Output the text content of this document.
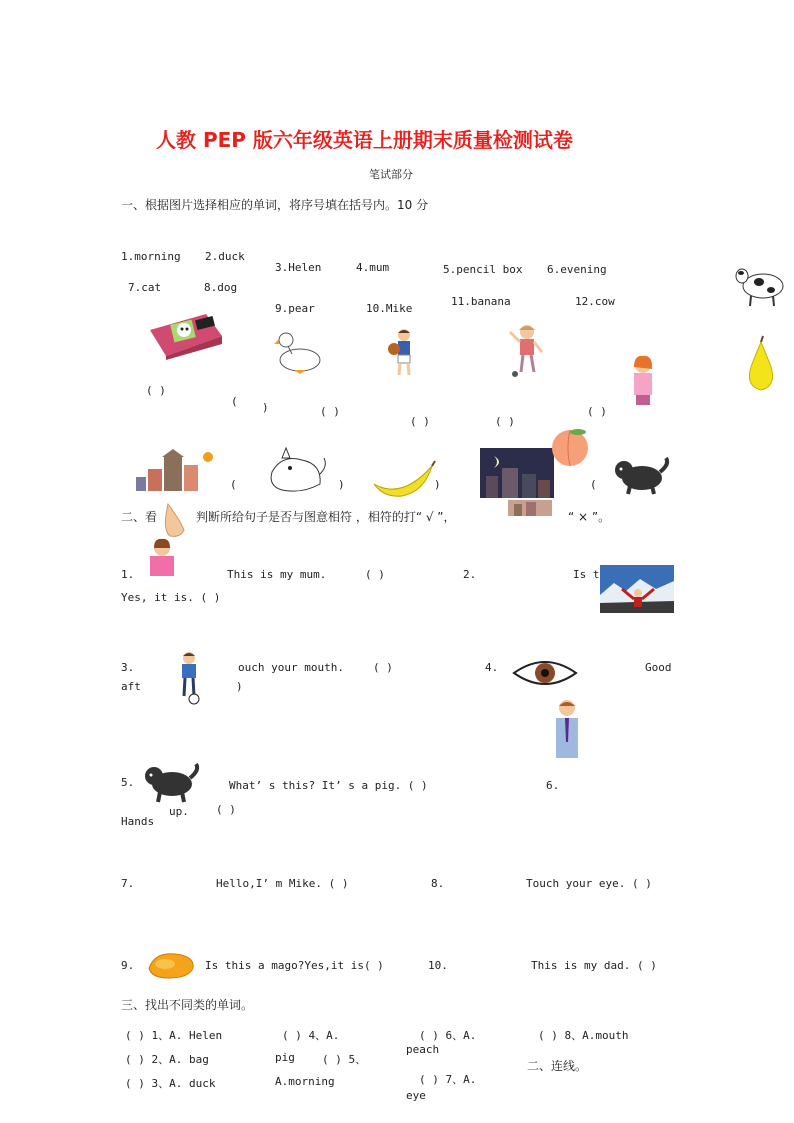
人教 PEP 版六年级英语上册期末质量检测试卷
笔试部分
一、根据图片选择相应的单词，将序号填在括号内。10 分
1.morning 2.duck
3.Helen	4.mum	5.pencil box 6.evening
7.cat	8.dog
9.pear	10.Mike
11.banana	12.cow
( )
( )	( )
( )	( )
( )
(	)	)	(
二、看	判断所给句子是否与图意相符 ，相符的打“ √ ”，	“ × ”。
1.	This is my mum.	( )	2.	Is t
Yes, it is. ( )
3.	ouch your mouth.	( )	4.	Good
aft	)
5.	What’ s this? It’ s a pig. ( )	6.
up. ( )
Hands
7.	Hello,I’ m Mike. ( )	8.	Touch your eye. ( )
9.	Is this a mago?Yes,it is( )	10.	This is my dad. ( )
三、找出不同类的单词。
( ) 1、A. Helen
( ) 2、A. bag
( ) 3、A. duck
( ) 4、A.
pig ( ) 5、
A.morning
( ) 6、A.
peach
( ) 7、A.
eye
( ) 8、A.mouth
二、连线。
